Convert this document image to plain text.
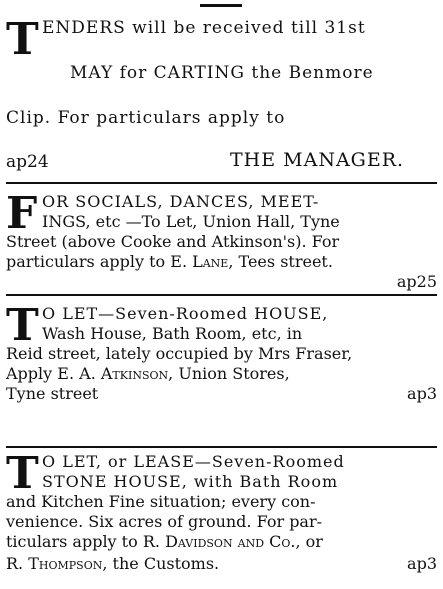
T ENDERS will be received till 31st
MAY for CARTING the Benmore
Clip. For particulars apply to
ap24	THE MANAGER.
F OR SOCIALS, DANCES, MEET-
INGS, etc —To Let, Union Hall, Tyne
Street (above Cooke and Atkinson's). For
particulars apply to E. Lane, Tees street.
ap25
T O LET—Seven-Roomed HOUSE,
Wash House, Bath Room, etc, in
Reid street, lately occupied by Mrs Fraser,
Apply E. A. Atkinson, Union Stores,
Tyne street	ap3
T O LET, or LEASE—Seven-Roomed
STONE HOUSE, with Bath Room
and Kitchen Fine situation; every con-
venience. Six acres of ground. For par-
ticulars apply to R. Davidson and Co., or
R. Thompson, the Customs.	ap3
